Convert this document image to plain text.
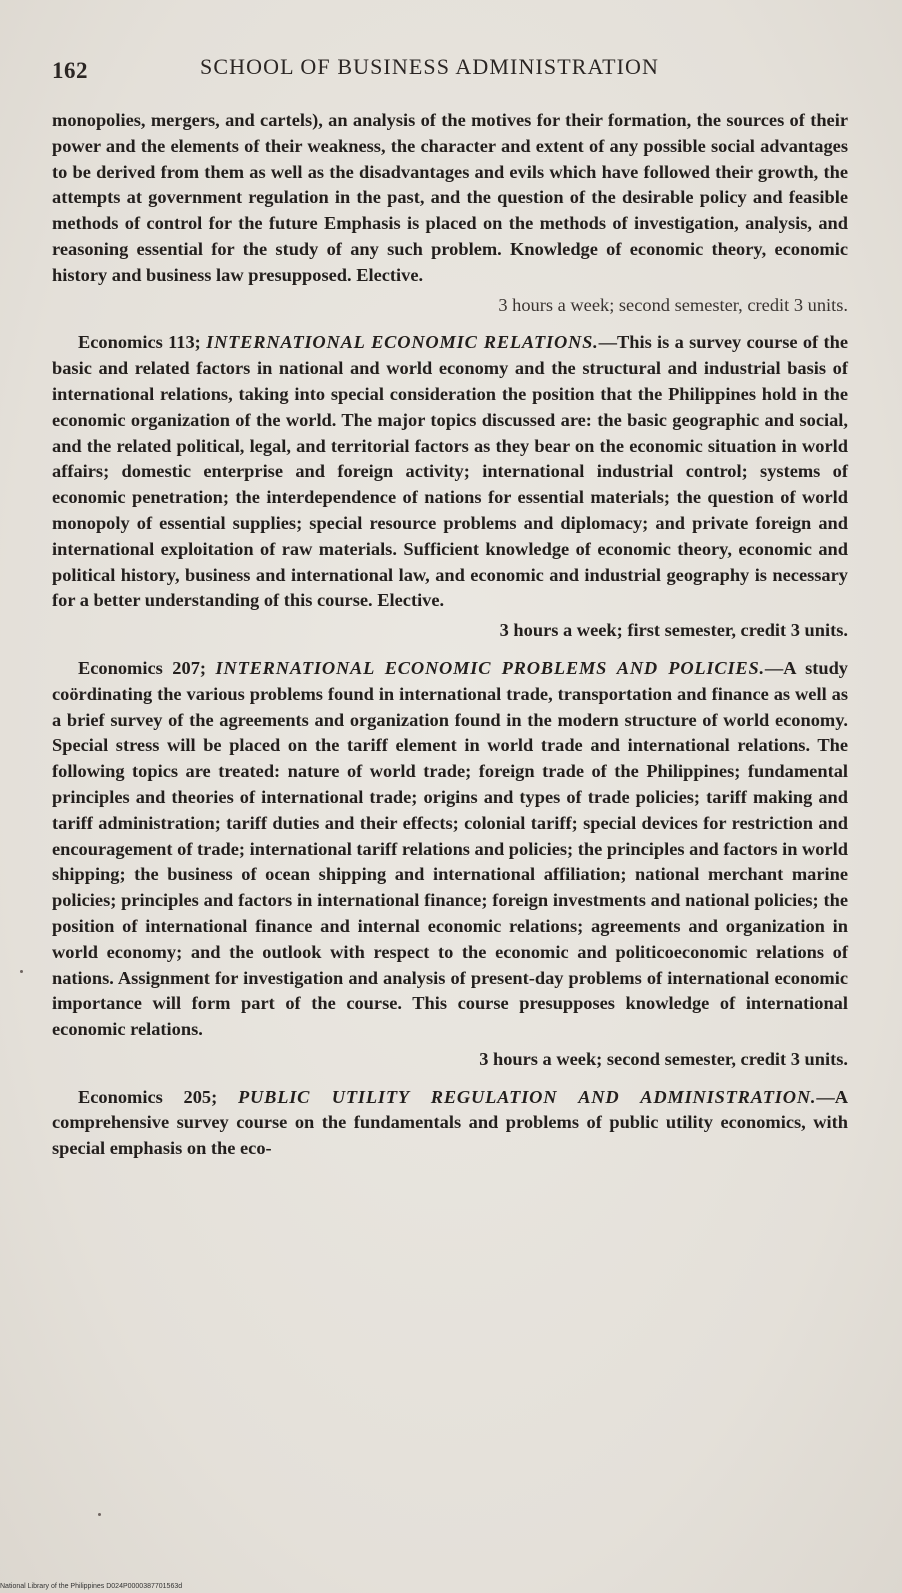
162	SCHOOL OF BUSINESS ADMINISTRATION

monopolies, mergers, and cartels), an analysis of the motives for their formation, the sources of their power and the elements of their weakness, the character and extent of any possible social advantages to be derived from them as well as the disadvantages and evils which have followed their growth, the attempts at government regulation in the past, and the question of the desirable policy and feasible methods of control for the future Emphasis is placed on the methods of investigation, analysis, and reasoning essential for the study of any such problem. Knowledge of economic theory, economic history and business law presupposed. Elective.

3 hours a week; second semester, credit 3 units.

Economics 113; INTERNATIONAL ECONOMIC RELATIONS.—This is a survey course of the basic and related factors in national and world economy and the structural and industrial basis of international relations, taking into special consideration the position that the Philippines hold in the economic organization of the world. The major topics discussed are: the basic geographic and social, and the related political, legal, and territorial factors as they bear on the economic situation in world affairs; domestic enterprise and foreign activity; international industrial control; systems of economic penetration; the interdependence of nations for essential materials; the question of world monopoly of essential supplies; special resource problems and diplomacy; and private foreign and international exploitation of raw materials. Sufficient knowledge of economic theory, economic and political history, business and international law, and economic and industrial geography is necessary for a better understanding of this course. Elective.

3 hours a week; first semester, credit 3 units.

Economics 207; INTERNATIONAL ECONOMIC PROBLEMS AND POLICIES.—A study coördinating the various problems found in international trade, transportation and finance as well as a brief survey of the agreements and organization found in the modern structure of world economy. Special stress will be placed on the tariff element in world trade and international relations. The following topics are treated: nature of world trade; foreign trade of the Philippines; fundamental principles and theories of international trade; origins and types of trade policies; tariff making and tariff administration; tariff duties and their effects; colonial tariff; special devices for restriction and encouragement of trade; international tariff relations and policies; the principles and factors in world shipping; the business of ocean shipping and international affiliation; national merchant marine policies; principles and factors in international finance; foreign investments and national policies; the position of international finance and internal economic relations; agreements and organization in world economy; and the outlook with respect to the economic and politicoeconomic relations of nations. Assignment for investigation and analysis of present-day problems of international economic importance will form part of the course. This course presupposes knowledge of international economic relations.

3 hours a week; second semester, credit 3 units.

Economics 205; PUBLIC UTILITY REGULATION AND ADMINISTRATION.—A comprehensive survey course on the fundamentals and problems of public utility economics, with special emphasis on the eco-

National Library of the Philippines D024P0000387701563d
